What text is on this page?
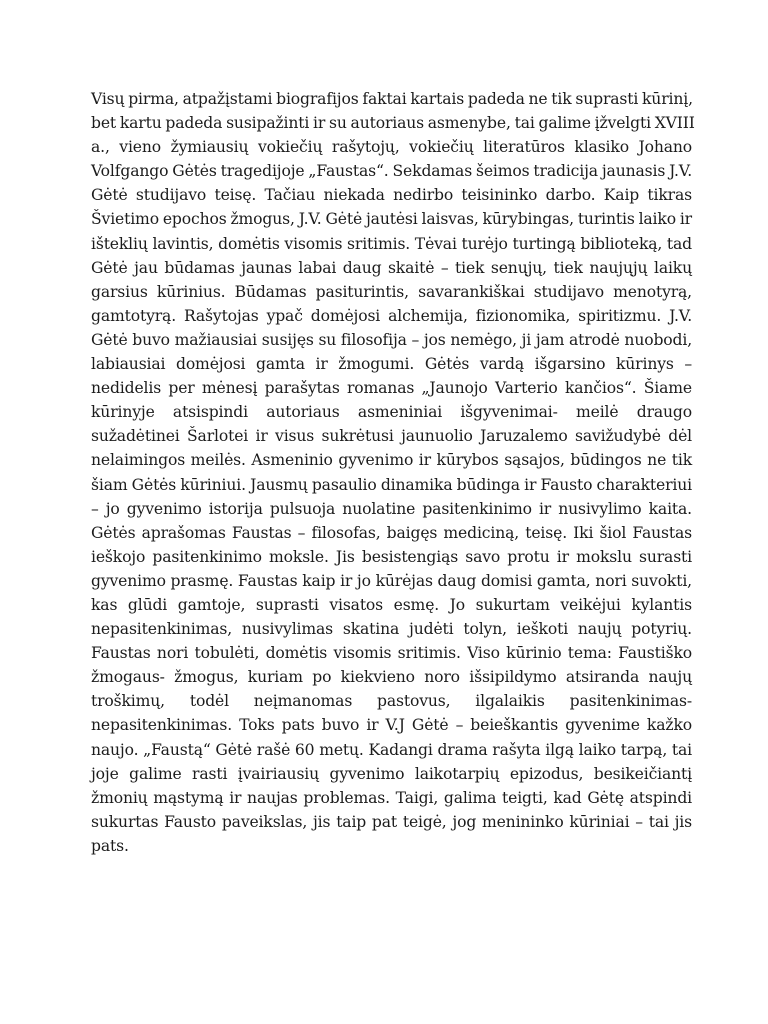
Visų pirma, atpažįstami biografijos faktai kartais padeda ne tik suprasti kūrinį,
bet kartu padeda susipažinti ir su autoriaus asmenybe, tai galime įžvelgti XVIII
a., vieno žymiausių vokiečių rašytojų, vokiečių literatūros klasiko Johano
Volfgango Gėtės tragedijoje „Faustas“. Sekdamas šeimos tradicija jaunasis J.V.
Gėtė studijavo teisę. Tačiau niekada nedirbo teisininko darbo. Kaip tikras
Švietimo epochos žmogus, J.V. Gėtė jautėsi laisvas, kūrybingas, turintis laiko ir
išteklių lavintis, domėtis visomis sritimis. Tėvai turėjo turtingą biblioteką, tad
Gėtė jau būdamas jaunas labai daug skaitė – tiek senųjų, tiek naujųjų laikų
garsius kūrinius. Būdamas pasiturintis, savarankiškai studijavo menotyrą,
gamtotyrą. Rašytojas ypač domėjosi alchemija, fizionomika, spiritizmu. J.V.
Gėtė buvo mažiausiai susijęs su filosofija – jos nemėgo, ji jam atrodė nuobodi,
labiausiai domėjosi gamta ir žmogumi. Gėtės vardą išgarsino kūrinys –
nedidelis per mėnesį parašytas romanas „Jaunojo Varterio kančios“. Šiame
kūrinyje atsispindi autoriaus asmeniniai išgyvenimai- meilė draugo
sužadėtinei Šarlotei ir visus sukrėtusi jaunuolio Jaruzalemo savižudybė dėl
nelaimingos meilės. Asmeninio gyvenimo ir kūrybos sąsajos, būdingos ne tik
šiam Gėtės kūriniui. Jausmų pasaulio dinamika būdinga ir Fausto charakteriui
– jo gyvenimo istorija pulsuoja nuolatine pasitenkinimo ir nusivylimo kaita.
Gėtės aprašomas Faustas – filosofas, baigęs mediciną, teisę. Iki šiol Faustas
ieškojo pasitenkinimo moksle. Jis besistengiąs savo protu ir mokslu surasti
gyvenimo prasmę. Faustas kaip ir jo kūrėjas daug domisi gamta, nori suvokti,
kas glūdi gamtoje, suprasti visatos esmę. Jo sukurtam veikėjui kylantis
nepasitenkinimas, nusivylimas skatina judėti tolyn, ieškoti naujų potyrių.
Faustas nori tobulėti, domėtis visomis sritimis. Viso kūrinio tema: Faustiško
žmogaus- žmogus, kuriam po kiekvieno noro išsipildymo atsiranda naujų
troškimų, todėl neįmanomas pastovus, ilgalaikis pasitenkinimas-
nepasitenkinimas. Toks pats buvo ir V.J Gėtė – beieškantis gyvenime kažko
naujo. „Faustą“ Gėtė rašė 60 metų. Kadangi drama rašyta ilgą laiko tarpą, tai
joje galime rasti įvairiausių gyvenimo laikotarpių epizodus, besikeičiantį
žmonių mąstymą ir naujas problemas. Taigi, galima teigti, kad Gėtę atspindi
sukurtas Fausto paveikslas, jis taip pat teigė, jog menininko kūriniai – tai jis
pats.
